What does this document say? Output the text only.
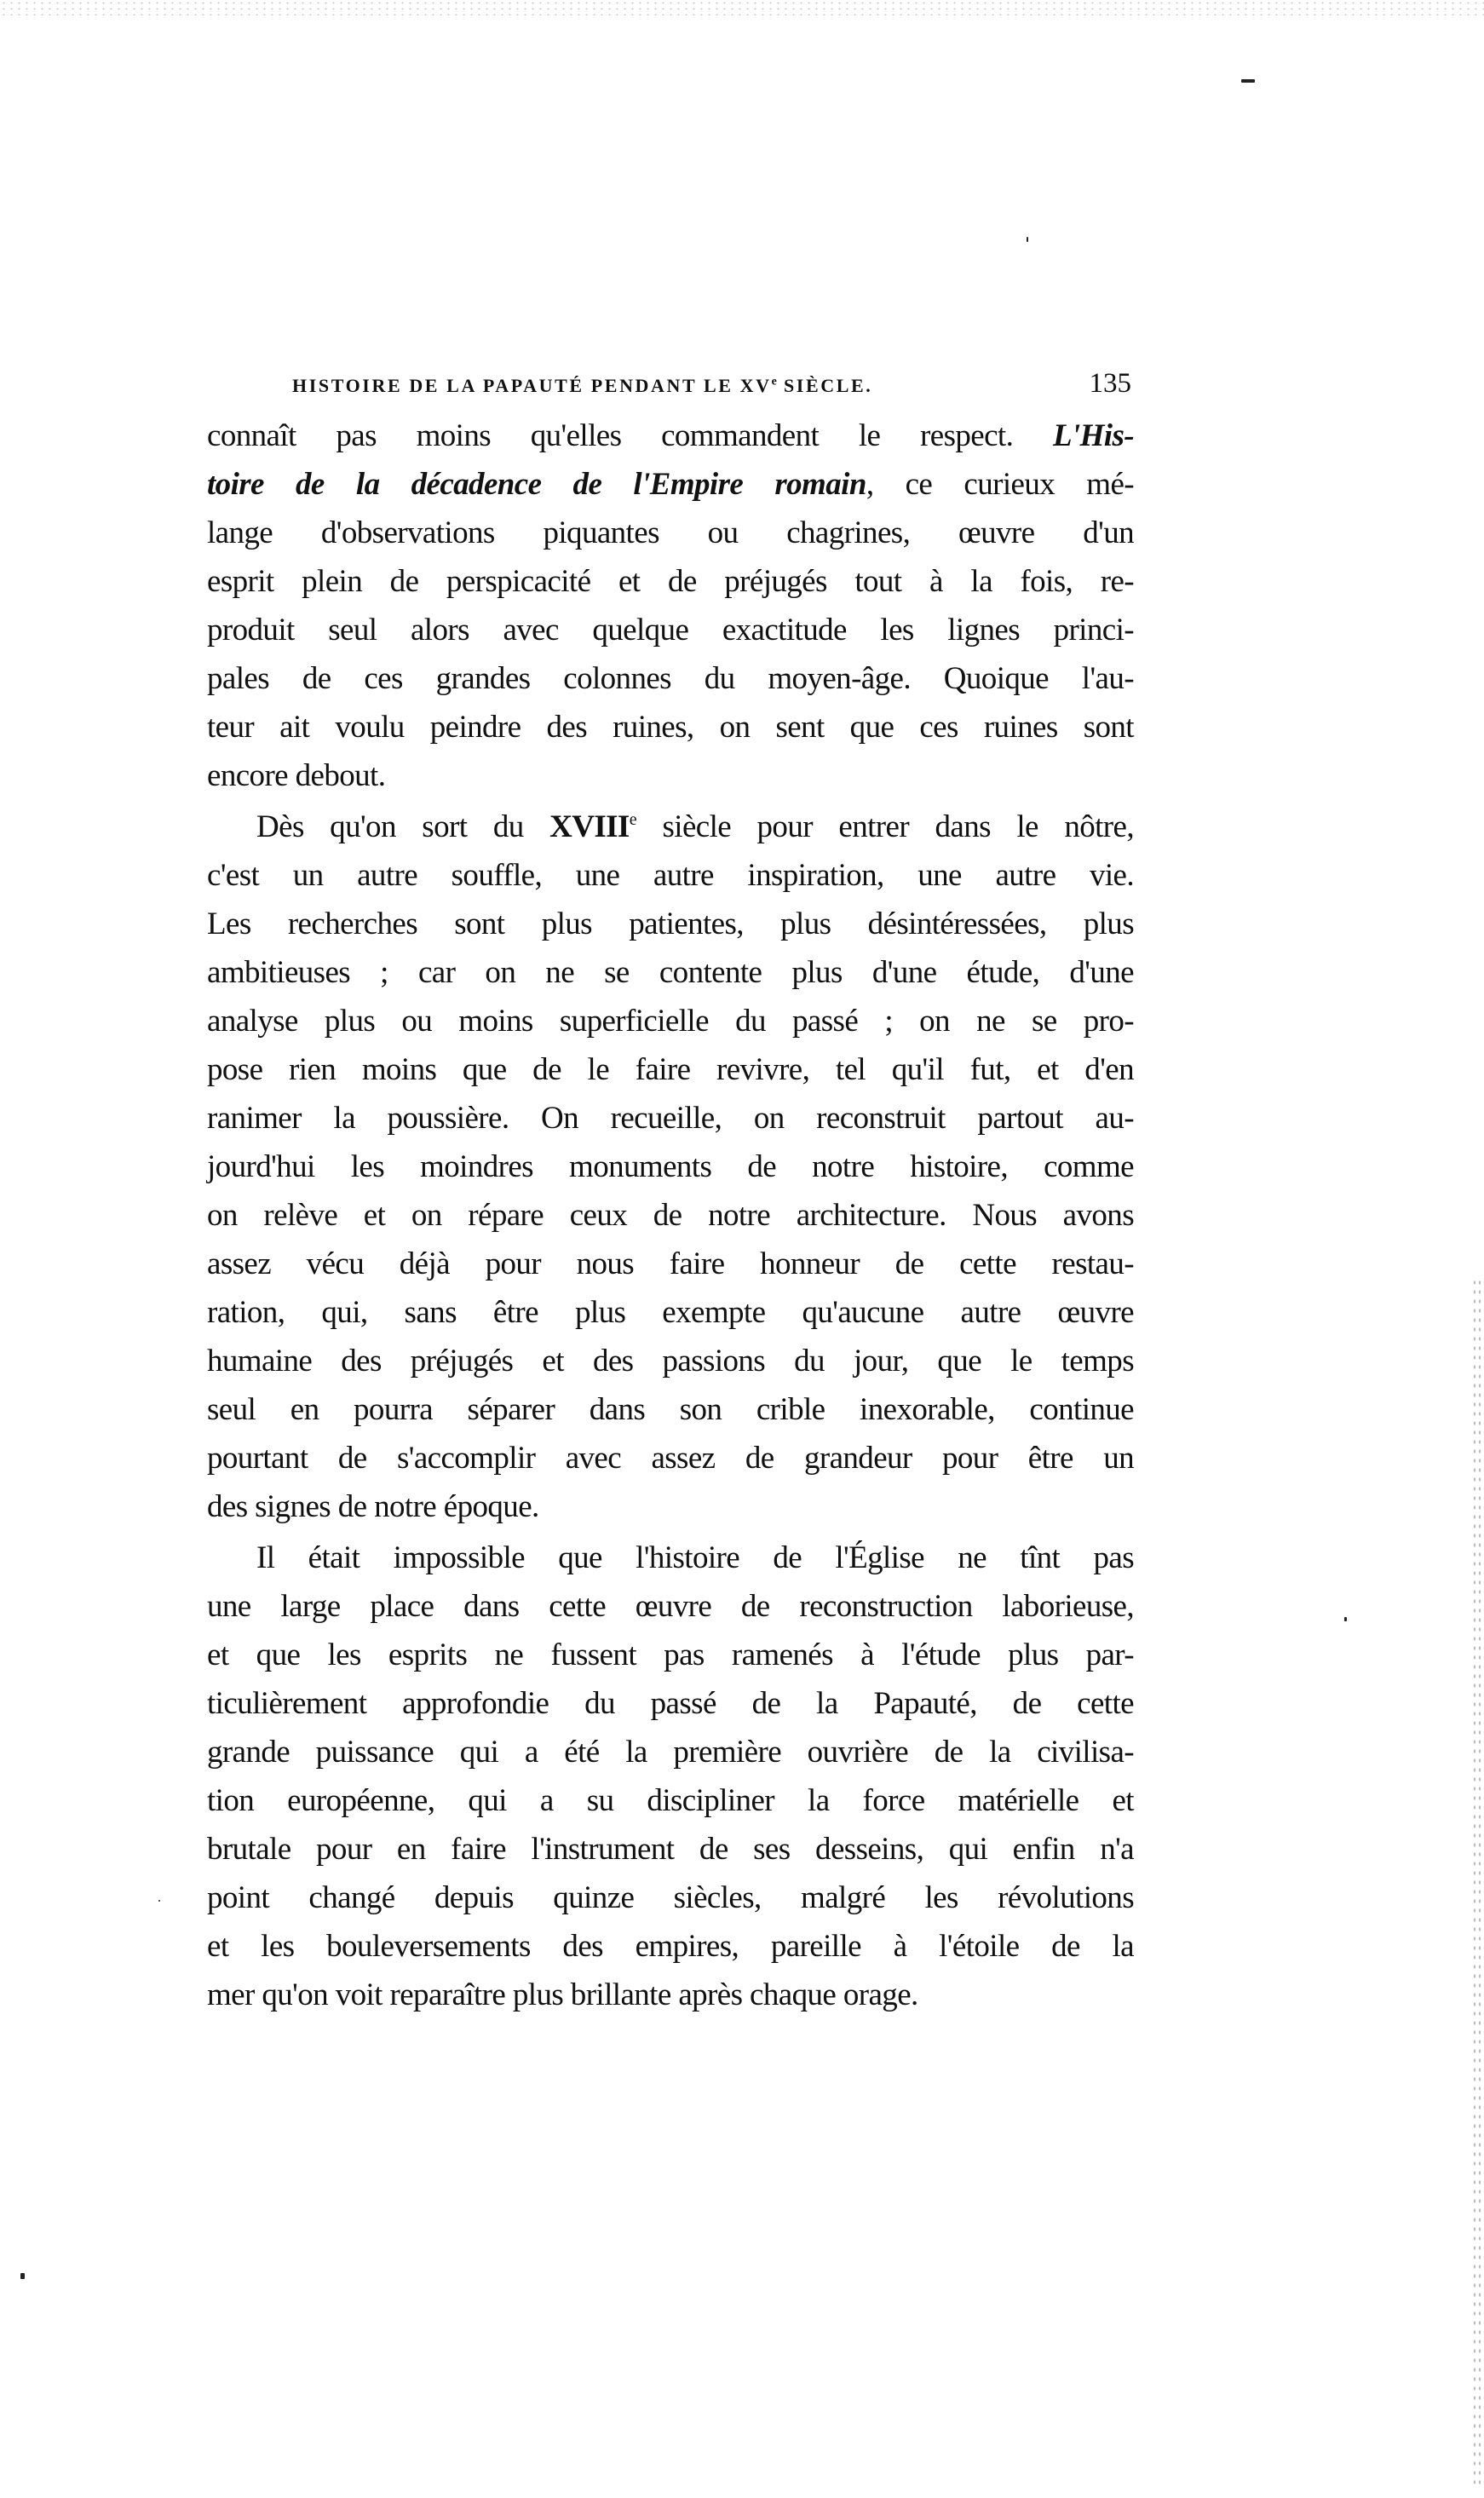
HISTOIRE DE LA PAPAUTÉ PENDANT LE XVe SIÈCLE.	135
connaît pas moins qu'elles commandent le respect. L'His-
toire de la décadence de l'Empire romain, ce curieux mé-
lange d'observations piquantes ou chagrines, œuvre d'un
esprit plein de perspicacité et de préjugés tout à la fois, re-
produit seul alors avec quelque exactitude les lignes princi-
pales de ces grandes colonnes du moyen-âge. Quoique l'au-
teur ait voulu peindre des ruines, on sent que ces ruines sont
encore debout.
Dès qu'on sort du XVIIIe siècle pour entrer dans le nôtre,
c'est un autre souffle, une autre inspiration, une autre vie.
Les recherches sont plus patientes, plus désintéressées, plus
ambitieuses ; car on ne se contente plus d'une étude, d'une
analyse plus ou moins superficielle du passé ; on ne se pro-
pose rien moins que de le faire revivre, tel qu'il fut, et d'en
ranimer la poussière. On recueille, on reconstruit partout au-
jourd'hui les moindres monuments de notre histoire, comme
on relève et on répare ceux de notre architecture. Nous avons
assez vécu déjà pour nous faire honneur de cette restau-
ration, qui, sans être plus exempte qu'aucune autre œuvre
humaine des préjugés et des passions du jour, que le temps
seul en pourra séparer dans son crible inexorable, continue
pourtant de s'accomplir avec assez de grandeur pour être un
des signes de notre époque.
Il était impossible que l'histoire de l'Église ne tînt pas
une large place dans cette œuvre de reconstruction laborieuse,
et que les esprits ne fussent pas ramenés à l'étude plus par-
ticulièrement approfondie du passé de la Papauté, de cette
grande puissance qui a été la première ouvrière de la civilisa-
tion européenne, qui a su discipliner la force matérielle et
brutale pour en faire l'instrument de ses desseins, qui enfin n'a
point changé depuis quinze siècles, malgré les révolutions
et les bouleversements des empires, pareille à l'étoile de la
mer qu'on voit reparaître plus brillante après chaque orage.
